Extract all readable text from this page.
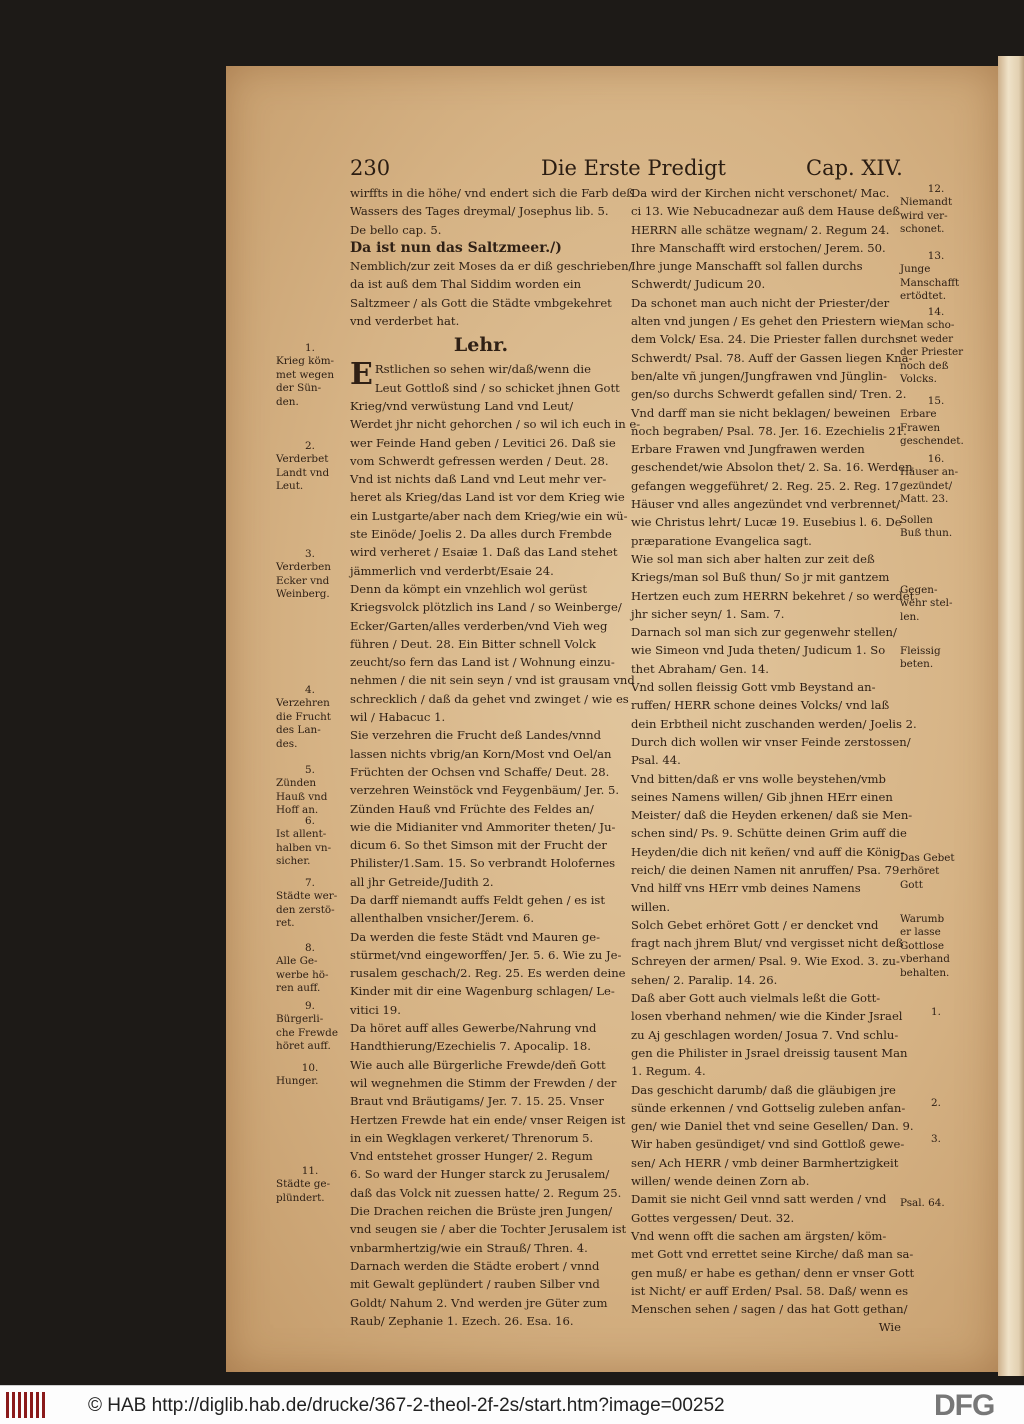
230	Die Erste Predigt	Cap. XIV.

wirffts in die höhe/ vnd endert sich die Farb deß

Wassers des Tages dreymal/ Josephus lib. 5.

De bello cap. 5.

Da ist nun das Saltzmeer./)

Nemblich/zur zeit Moses da er diß geschrieben/

da ist auß dem Thal Siddim worden ein

Saltzmeer / als Gott die Städte vmbgekehret

vnd verderbet hat.

Lehr.

E Rstlichen so sehen wir/daß/wenn die

Leut Gottloß sind / so schicket jhnen Gott

Krieg/vnd verwüstung Land vnd Leut/

Werdet jhr nicht gehorchen / so wil ich euch in e-

wer Feinde Hand geben / Levitici 26. Daß sie

vom Schwerdt gefressen werden / Deut. 28.

Vnd ist nichts daß Land vnd Leut mehr ver-

heret als Krieg/das Land ist vor dem Krieg wie

ein Lustgarte/aber nach dem Krieg/wie ein wü-

ste Einöde/ Joelis 2. Da alles durch Frembde

wird verheret / Esaiæ 1. Daß das Land stehet

jämmerlich vnd verderbt/Esaie 24.

Denn da kömpt ein vnzehlich wol gerüst

Kriegsvolck plötzlich ins Land / so Weinberge/

Ecker/Garten/alles verderben/vnd Vieh weg

führen / Deut. 28. Ein Bitter schnell Volck

zeucht/so fern das Land ist / Wohnung einzu-

nehmen / die nit sein seyn / vnd ist grausam vnd

schrecklich / daß da gehet vnd zwinget / wie es

wil / Habacuc 1.

Sie verzehren die Frucht deß Landes/vnnd

lassen nichts vbrig/an Korn/Most vnd Oel/an

Früchten der Ochsen vnd Schaffe/ Deut. 28.

verzehren Weinstöck vnd Feygenbäum/ Jer. 5.

Zünden Hauß vnd Früchte des Feldes an/

wie die Midianiter vnd Ammoriter theten/ Ju-

dicum 6. So thet Simson mit der Frucht der

Philister/1.Sam. 15. So verbrandt Holofernes

all jhr Getreide/Judith 2.

Da darff niemandt auffs Feldt gehen / es ist

allenthalben vnsicher/Jerem. 6.

Da werden die feste Städt vnd Mauren ge-

stürmet/vnd eingeworffen/ Jer. 5. 6. Wie zu Je-

rusalem geschach/2. Reg. 25. Es werden deine

Kinder mit dir eine Wagenburg schlagen/ Le-

vitici 19.

Da höret auff alles Gewerbe/Nahrung vnd

Handthierung/Ezechielis 7. Apocalip. 18.

Wie auch alle Bürgerliche Frewde/deñ Gott

wil wegnehmen die Stimm der Frewden / der

Braut vnd Bräutigams/ Jer. 7. 15. 25. Vnser

Hertzen Frewde hat ein ende/ vnser Reigen ist

in ein Wegklagen verkeret/ Threnorum 5.

Vnd entstehet grosser Hunger/ 2. Regum

6. So ward der Hunger starck zu Jerusalem/

daß das Volck nit zuessen hatte/ 2. Regum 25.

Die Drachen reichen die Brüste jren Jungen/

vnd seugen sie / aber die Tochter Jerusalem ist

vnbarmhertzig/wie ein Strauß/ Thren. 4.

Darnach werden die Städte erobert / vnnd

mit Gewalt geplündert / rauben Silber vnd

Goldt/ Nahum 2. Vnd werden jre Güter zum

Raub/ Zephanie 1. Ezech. 26. Esa. 16.

Da wird der Kirchen nicht verschonet/ Mac.

ci 13. Wie Nebucadnezar auß dem Hause deß

HERRN alle schätze wegnam/ 2. Regum 24.

Ihre Manschafft wird erstochen/ Jerem. 50.

Ihre junge Manschafft sol fallen durchs

Schwerdt/ Judicum 20.

Da schonet man auch nicht der Priester/der

alten vnd jungen / Es gehet den Priestern wie

dem Volck/ Esa. 24. Die Priester fallen durchs

Schwerdt/ Psal. 78. Auff der Gassen liegen Kna-

ben/alte vñ jungen/Jungfrawen vnd Jünglin-

gen/so durchs Schwerdt gefallen sind/ Tren. 2.

Vnd darff man sie nicht beklagen/ beweinen

noch begraben/ Psal. 78. Jer. 16. Ezechielis 21.

Erbare Frawen vnd Jungfrawen werden

geschendet/wie Absolon thet/ 2. Sa. 16. Werden

gefangen weggeführet/ 2. Reg. 25. 2. Reg. 17.

Häuser vnd alles angezündet vnd verbrennet/

wie Christus lehrt/ Lucæ 19. Eusebius l. 6. De

præparatione Evangelica sagt.

Wie sol man sich aber halten zur zeit deß

Kriegs/man sol Buß thun/ So jr mit gantzem

Hertzen euch zum HERRN bekehret / so werdet

jhr sicher seyn/ 1. Sam. 7.

Darnach sol man sich zur gegenwehr stellen/

wie Simeon vnd Juda theten/ Judicum 1. So

thet Abraham/ Gen. 14.

Vnd sollen fleissig Gott vmb Beystand an-

ruffen/ HERR schone deines Volcks/ vnd laß

dein Erbtheil nicht zuschanden werden/ Joelis 2.

Durch dich wollen wir vnser Feinde zerstossen/

Psal. 44.

Vnd bitten/daß er vns wolle beystehen/vmb

seines Namens willen/ Gib jhnen HErr einen

Meister/ daß die Heyden erkenen/ daß sie Men-

schen sind/ Ps. 9. Schütte deinen Grim auff die

Heyden/die dich nit keñen/ vnd auff die König-

reich/ die deinen Namen nit anruffen/ Psa. 79.

Vnd hilff vns HErr vmb deines Namens

willen.

Solch Gebet erhöret Gott / er dencket vnd

fragt nach jhrem Blut/ vnd vergisset nicht deß

Schreyen der armen/ Psal. 9. Wie Exod. 3. zu-

sehen/ 2. Paralip. 14. 26.

Daß aber Gott auch vielmals leßt die Gott-

losen vberhand nehmen/ wie die Kinder Jsrael

zu Aj geschlagen worden/ Josua 7. Vnd schlu-

gen die Philister in Jsrael dreissig tausent Man

1. Regum. 4.

Das geschicht darumb/ daß die gläubigen jre

sünde erkennen / vnd Gottselig zuleben anfan-

gen/ wie Daniel thet vnd seine Gesellen/ Dan. 9.

Wir haben gesündiget/ vnd sind Gottloß gewe-

sen/ Ach HERR / vmb deiner Barmhertzigkeit

willen/ wende deinen Zorn ab.

Damit sie nicht Geil vnnd satt werden / vnd

Gottes vergessen/ Deut. 32.

Vnd wenn offt die sachen am ärgsten/ köm-

met Gott vnd errettet seine Kirche/ daß man sa-

gen muß/ er habe es gethan/ denn er vnser Gott

ist Nicht/ er auff Erden/ Psal. 58. Daß/ wenn es

Menschen sehen / sagen / das hat Gott gethan/

Wie

1.
Krieg köm-
met wegen
der Sün-
den.
2.
Verderbet
Landt vnd
Leut.
3.
Verderben
Ecker vnd
Weinberg.
4.
Verzehren
die Frucht
des Lan-
des.
5.
Zünden
Hauß vnd
Hoff an.
6.
Ist allent-
halben vn-
sicher.
7.
Städte wer-
den zerstö-
ret.
8.
Alle Ge-
werbe hö-
ren auff.
9.
Bürgerli-
che Frewde
höret auff.
10.
Hunger.
11.
Städte ge-
plündert.
12.
Niemandt
wird ver-
schonet.
13.
Junge
Manschafft
ertödtet.
14.
Man scho-
net weder
der Priester
noch deß
Volcks.
15.
Erbare
Frawen
geschendet.
16.
Häuser an-
gezündet/
Matt. 23.
Sollen
Buß thun.
Gegen-
wehr stel-
len.
Fleissig
beten.
Das Gebet
erhöret
Gott
Warumb
er lasse
Gottlose
vberhand
behalten.
1.
2.
3.
Psal. 64.
© HAB http://diglib.hab.de/drucke/367-2-theol-2f-2s/start.htm?image=00252	DFG
